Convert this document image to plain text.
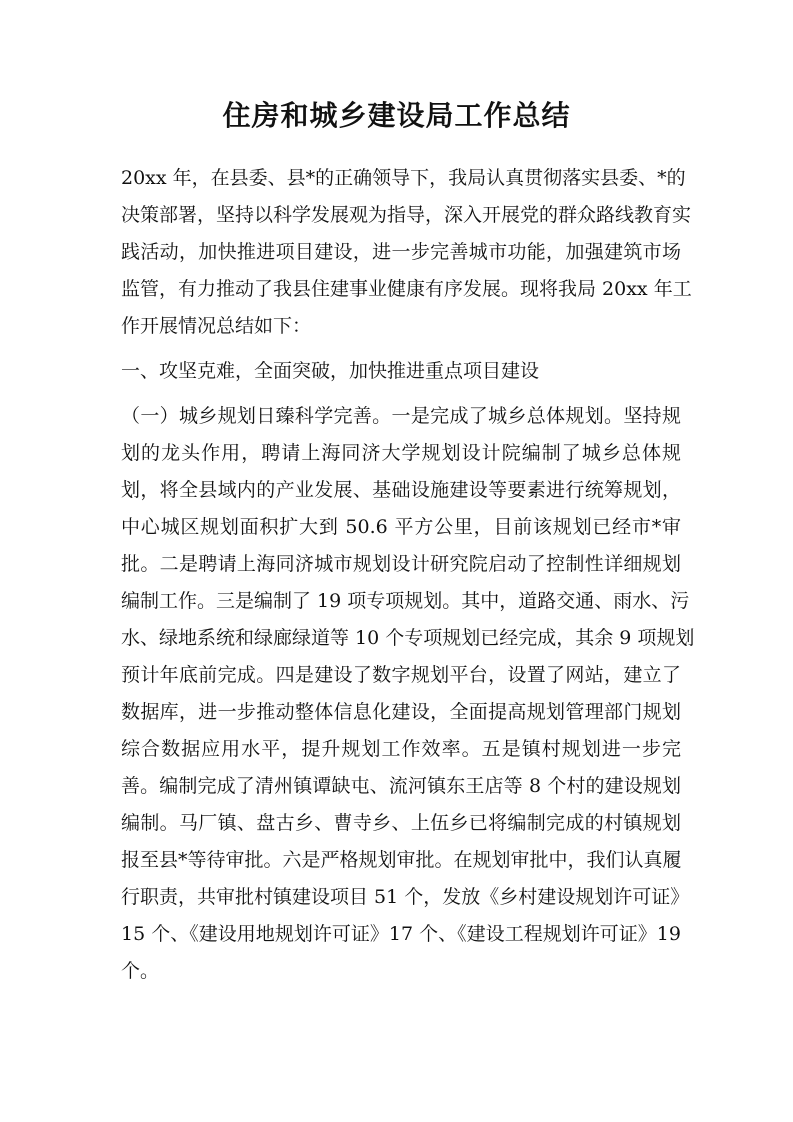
住房和城乡建设局工作总结
20xx 年，在县委、县*的正确领导下，我局认真贯彻落实县委、*的
决策部署，坚持以科学发展观为指导，深入开展党的群众路线教育实
践活动，加快推进项目建设，进一步完善城市功能，加强建筑市场
监管，有力推动了我县住建事业健康有序发展。现将我局 20xx 年工
作开展情况总结如下：
一、攻坚克难，全面突破，加快推进重点项目建设
（一）城乡规划日臻科学完善。一是完成了城乡总体规划。坚持规
划的龙头作用，聘请上海同济大学规划设计院编制了城乡总体规
划，将全县域内的产业发展、基础设施建设等要素进行统筹规划，
中心城区规划面积扩大到 50.6 平方公里，目前该规划已经市*审
批。二是聘请上海同济城市规划设计研究院启动了控制性详细规划
编制工作。三是编制了 19 项专项规划。其中，道路交通、雨水、污
水、绿地系统和绿廊绿道等 10 个专项规划已经完成，其余 9 项规划
预计年底前完成。四是建设了数字规划平台，设置了网站，建立了
数据库，进一步推动整体信息化建设，全面提高规划管理部门规划
综合数据应用水平，提升规划工作效率。五是镇村规划进一步完
善。编制完成了清州镇谭缺屯、流河镇东王店等 8 个村的建设规划
编制。马厂镇、盘古乡、曹寺乡、上伍乡已将编制完成的村镇规划
报至县*等待审批。六是严格规划审批。在规划审批中，我们认真履
行职责，共审批村镇建设项目 51 个，发放《乡村建设规划许可证》
15 个、《建设用地规划许可证》17 个、《建设工程规划许可证》19
个。
